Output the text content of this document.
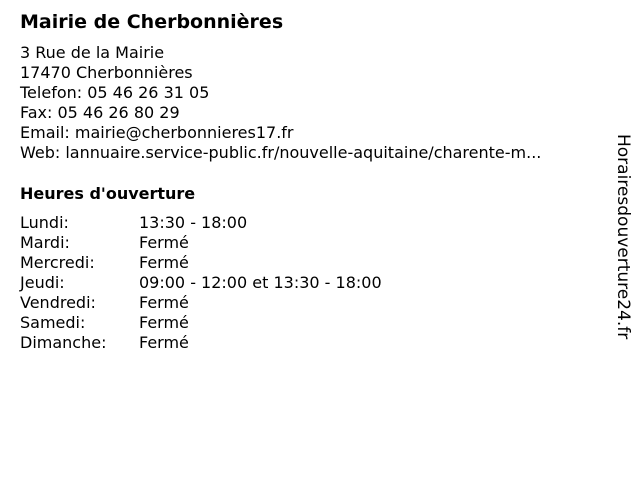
Mairie de Cherbonnières
3 Rue de la Mairie
17470 Cherbonnières
Telefon: 05 46 26 31 05
Fax: 05 46 26 80 29
Email: mairie@cherbonnieres17.fr
Web: lannuaire.service-public.fr/nouvelle-aquitaine/charente-m...
Heures d'ouverture
Lundi:	13:30 - 18:00
Mardi:	Fermé
Mercredi:	Fermé
Jeudi:	09:00 - 12:00 et 13:30 - 18:00
Vendredi:	Fermé
Samedi:	Fermé
Dimanche: Fermé
Horairesdouverture24.fr
